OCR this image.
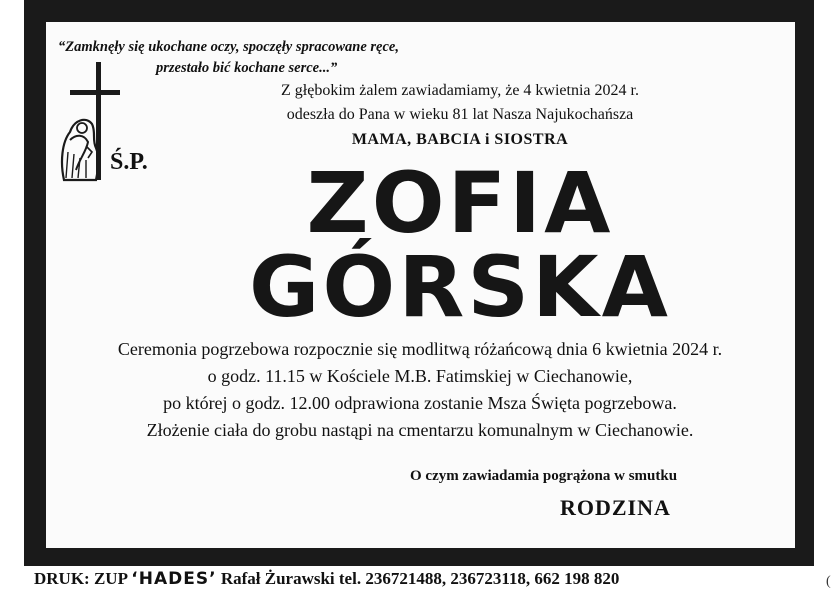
“Zamknęły się ukochane oczy, spoczęły spracowane ręce,
przestało bić kochane serce...”
Z głębokim żalem zawiadamiamy, że 4 kwietnia 2024 r.
odeszła do Pana w wieku 81 lat Nasza Najukochańsza
MAMA, BABCIA i SIOSTRA
Ś.P.	ZOFIA
GÓRSKA
Ceremonia pogrzebowa rozpocznie się modlitwą różańcową dnia 6 kwietnia 2024 r.
o godz. 11.15 w Kościele M.B. Fatimskiej w Ciechanowie,
po której o godz. 12.00 odprawiona zostanie Msza Święta pogrzebowa.
Złożenie ciała do grobu nastąpi na cmentarzu komunalnym w Ciechanowie.
O czym zawiadamia pogrążona w smutku
RODZINA
DRUK: ZUP ‘HADES’ Rafał Żurawski tel. 236721488, 236723118, 662 198 820	(
